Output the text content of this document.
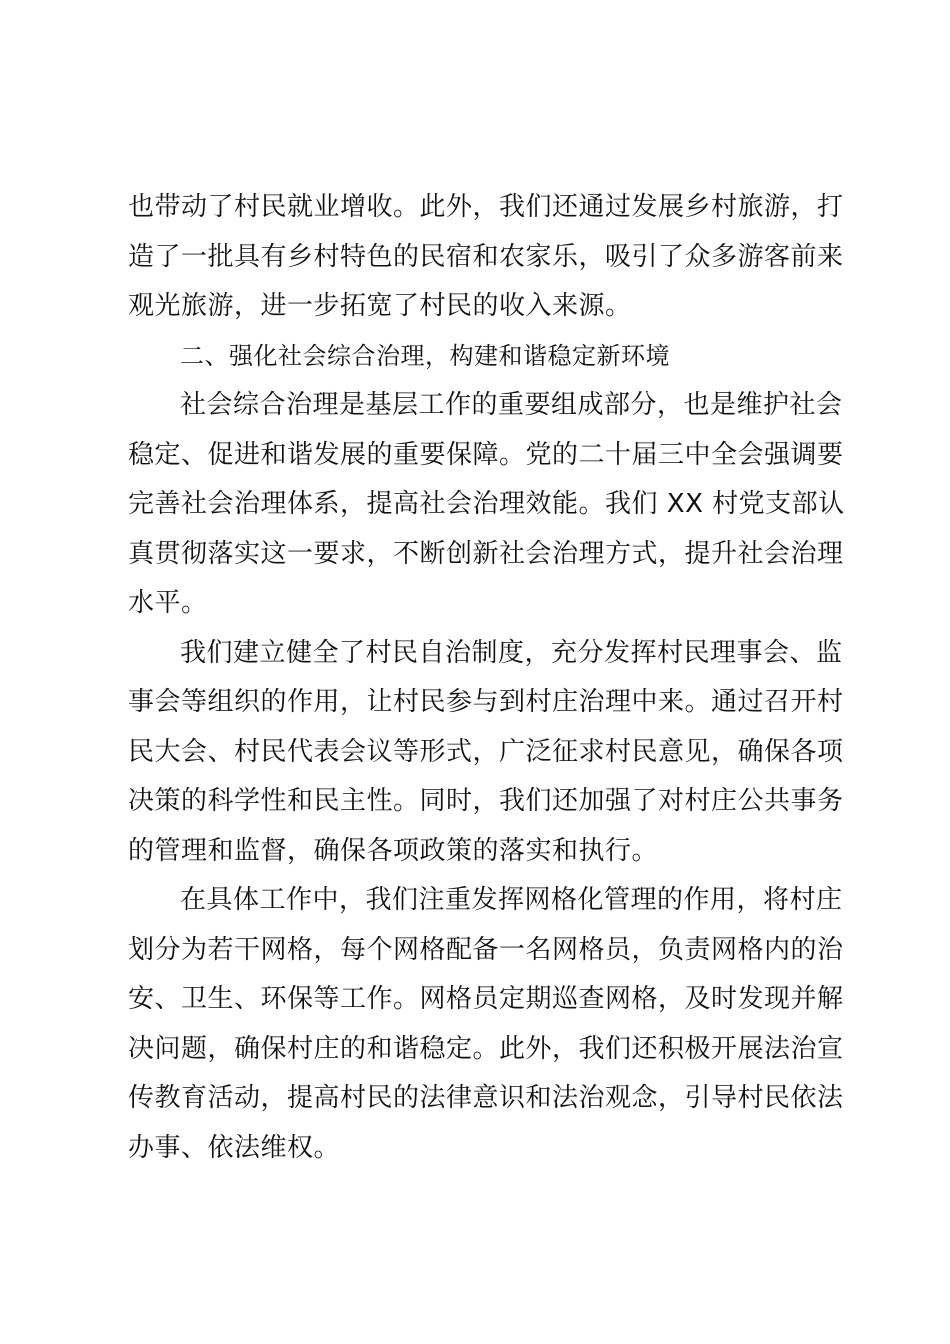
也带动了村民就业增收。此外，我们还通过发展乡村旅游，打
造了一批具有乡村特色的民宿和农家乐，吸引了众多游客前来
观光旅游，进一步拓宽了村民的收入来源。

二、强化社会综合治理，构建和谐稳定新环境

社会综合治理是基层工作的重要组成部分，也是维护社会
稳定、促进和谐发展的重要保障。党的二十届三中全会强调要
完善社会治理体系，提高社会治理效能。我们 XX 村党支部认
真贯彻落实这一要求，不断创新社会治理方式，提升社会治理
水平。

我们建立健全了村民自治制度，充分发挥村民理事会、监
事会等组织的作用，让村民参与到村庄治理中来。通过召开村
民大会、村民代表会议等形式，广泛征求村民意见，确保各项
决策的科学性和民主性。同时，我们还加强了对村庄公共事务
的管理和监督，确保各项政策的落实和执行。

在具体工作中，我们注重发挥网格化管理的作用，将村庄
划分为若干网格，每个网格配备一名网格员，负责网格内的治
安、卫生、环保等工作。网格员定期巡查网格，及时发现并解
决问题，确保村庄的和谐稳定。此外，我们还积极开展法治宣
传教育活动，提高村民的法律意识和法治观念，引导村民依法
办事、依法维权。
